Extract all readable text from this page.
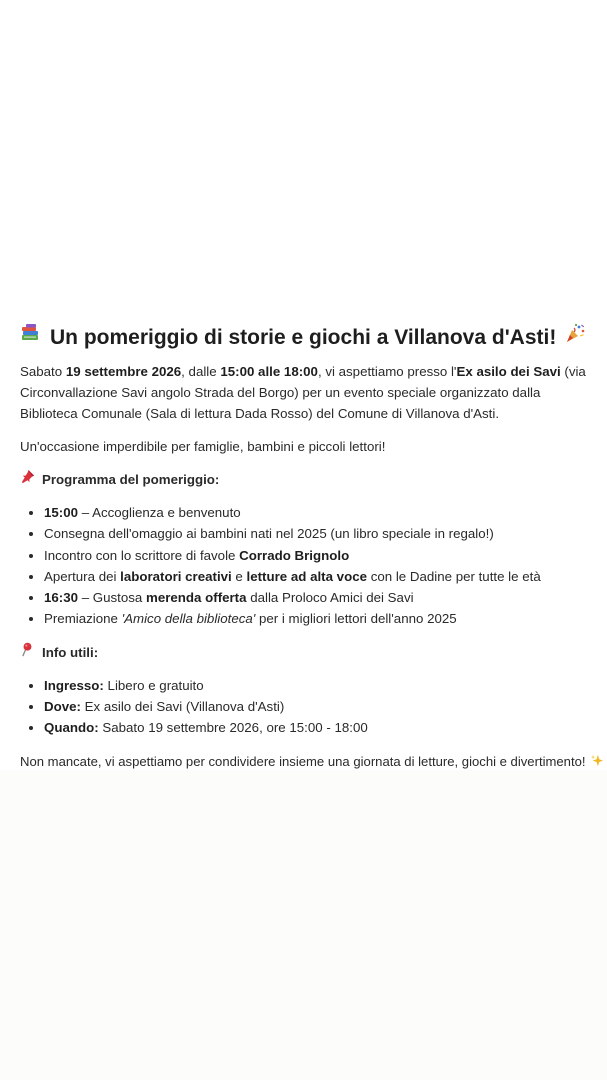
Un pomeriggio di storie e giochi a Villanova d'Asti!

Sabato 19 settembre 2026, dalle 15:00 alle 18:00, vi aspettiamo presso l'Ex asilo dei Savi (via Circonvallazione Savi angolo Strada del Borgo) per un evento speciale organizzato dalla Biblioteca Comunale (Sala di lettura Dada Rosso) del Comune di Villanova d'Asti.

Un'occasione imperdibile per famiglie, bambini e piccoli lettori!

Programma del pomeriggio:
• 15:00 – Accoglienza e benvenuto
• Consegna dell'omaggio ai bambini nati nel 2025 (un libro speciale in regalo!)
• Incontro con lo scrittore di favole Corrado Brignolo
• Apertura dei laboratori creativi e letture ad alta voce con le Dadine per tutte le età
• 16:30 – Gustosa merenda offerta dalla Proloco Amici dei Savi
• Premiazione 'Amico della biblioteca' per i migliori lettori dell'anno 2025
Info utili:
• Ingresso: Libero e gratuito
• Dove: Ex asilo dei Savi (Villanova d'Asti)
• Quando: Sabato 19 settembre 2026, ore 15:00 - 18:00

Non mancate, vi aspettiamo per condividere insieme una giornata di letture, giochi e divertimento!
